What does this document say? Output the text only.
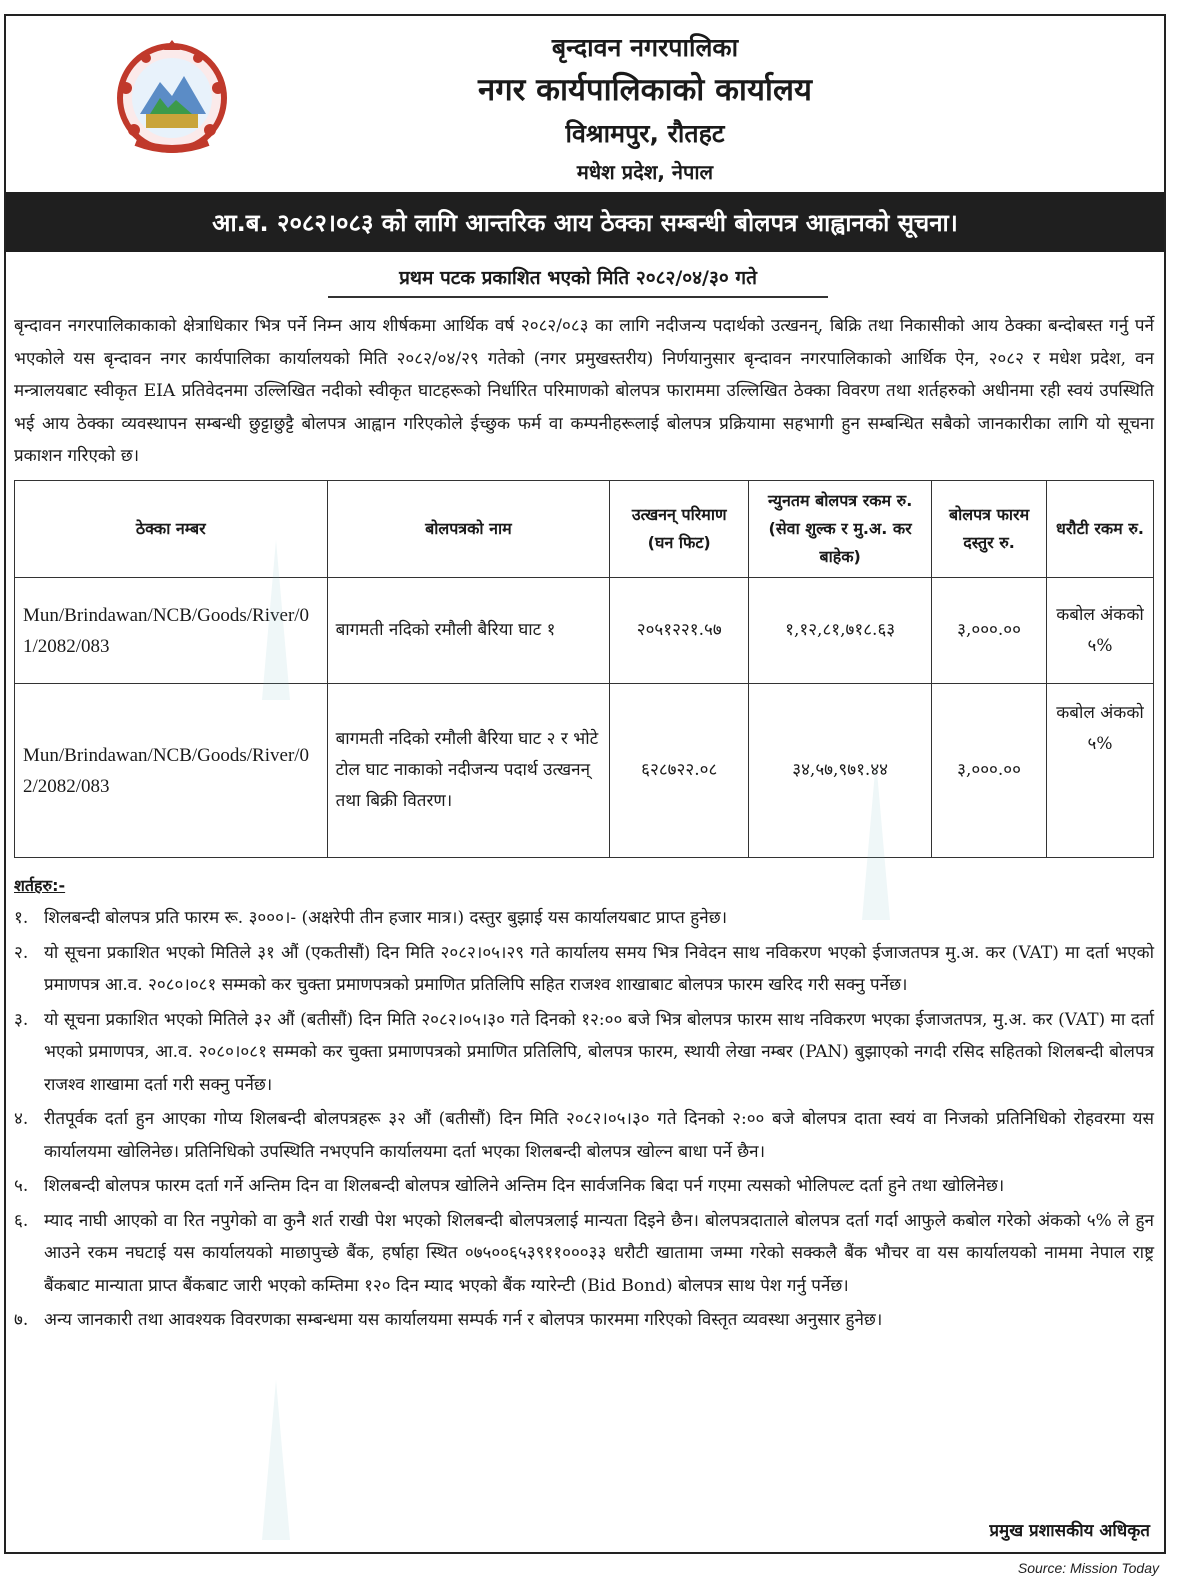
बृन्दावन नगरपालिका
नगर कार्यपालिकाको कार्यालय
विश्रामपुर, रौतहट
मधेश प्रदेश, नेपाल
आ.ब. २०८२।०८३ को लागि आन्तरिक आय ठेक्का सम्बन्धी बोलपत्र आह्वानको सूचना।
प्रथम पटक प्रकाशित भएको मिति २०८२/०४/३० गते
बृन्दावन नगरपालिकाकाको क्षेत्राधिकार भित्र पर्ने निम्न आय शीर्षकमा आर्थिक वर्ष २०८२/०८३ का लागि नदीजन्य पदार्थको उत्खनन्, बिक्रि तथा निकासीको आय ठेक्का बन्दोबस्त गर्नु पर्ने भएकोले यस बृन्दावन नगर कार्यपालिका कार्यालयको मिति २०८२/०४/२९ गतेको (नगर प्रमुखस्तरीय) निर्णयानुसार बृन्दावन नगरपालिकाको आर्थिक ऐन, २०८२ र मधेश प्रदेश, वन मन्त्रालयबाट स्वीकृत EIA प्रतिवेदनमा उल्लिखित नदीको स्वीकृत घाटहरूको निर्धारित परिमाणको बोलपत्र फाराममा उल्लिखित ठेक्का विवरण तथा शर्तहरुको अधीनमा रही स्वयं उपस्थिति भई आय ठेक्का व्यवस्थापन सम्बन्धी छुट्टाछुट्टै बोलपत्र आह्वान गरिएकोले ईच्छुक फर्म वा कम्पनीहरूलाई बोलपत्र प्रक्रियामा सहभागी हुन सम्बन्धित सबैको जानकारीका लागि यो सूचना प्रकाशन गरिएको छ।
ठेक्का नम्बर	बोलपत्रको नाम	उत्खनन् परिमाण (घन फिट)	न्युनतम बोलपत्र रकम रु. (सेवा शुल्क र मु.अ. कर बाहेक)	बोलपत्र फारम दस्तुर रु.	धरौटी रकम रु.
Mun/Brindawan/NCB/Goods/River/01/2082/083	बागमती नदिको रमौली बैरिया घाट १	२०५१२२१.५७	१,१२,८१,७१८.६३	३,०००.००	कबोल अंकको ५%
Mun/Brindawan/NCB/Goods/River/02/2082/083	बागमती नदिको रमौली बैरिया घाट २ र भोटे टोल घाट नाकाको नदीजन्य पदार्थ उत्खनन् तथा बिक्री वितरण।	६२८७२२.०८	३४,५७,९७१.४४	३,०००.००	कबोल अंकको ५%
शर्तहरु:-
१. शिलबन्दी बोलपत्र प्रति फारम रू. ३०००।- (अक्षरेपी तीन हजार मात्र।) दस्तुर बुझाई यस कार्यालयबाट प्राप्त हुनेछ।
२. यो सूचना प्रकाशित भएको मितिले ३१ औं (एकतीसौं) दिन मिति २०८२।०५।२९ गते कार्यालय समय भित्र निवेदन साथ नविकरण भएको ईजाजतपत्र मु.अ. कर (VAT) मा दर्ता भएको प्रमाणपत्र आ.व. २०८०।०८१ सम्मको कर चुक्ता प्रमाणपत्रको प्रमाणित प्रतिलिपि सहित राजश्व शाखाबाट बोलपत्र फारम खरिद गरी सक्नु पर्नेछ।
३. यो सूचना प्रकाशित भएको मितिले ३२ औं (बतीसौं) दिन मिति २०८२।०५।३० गते दिनको १२:०० बजे भित्र बोलपत्र फारम साथ नविकरण भएका ईजाजतपत्र, मु.अ. कर (VAT) मा दर्ता भएको प्रमाणपत्र, आ.व. २०८०।०८१ सम्मको कर चुक्ता प्रमाणपत्रको प्रमाणित प्रतिलिपि, बोलपत्र फारम, स्थायी लेखा नम्बर (PAN) बुझाएको नगदी रसिद सहितको शिलबन्दी बोलपत्र राजश्व शाखामा दर्ता गरी सक्नु पर्नेछ।
४. रीतपूर्वक दर्ता हुन आएका गोप्य शिलबन्दी बोलपत्रहरू ३२ औं (बतीसौं) दिन मिति २०८२।०५।३० गते दिनको २:०० बजे बोलपत्र दाता स्वयं वा निजको प्रतिनिधिको रोहवरमा यस कार्यालयमा खोलिनेछ। प्रतिनिधिको उपस्थिति नभएपनि कार्यालयमा दर्ता भएका शिलबन्दी बोलपत्र खोल्न बाधा पर्ने छैन।
५. शिलबन्दी बोलपत्र फारम दर्ता गर्ने अन्तिम दिन वा शिलबन्दी बोलपत्र खोलिने अन्तिम दिन सार्वजनिक बिदा पर्न गएमा त्यसको भोलिपल्ट दर्ता हुने तथा खोलिनेछ।
६. म्याद नाघी आएको वा रित नपुगेको वा कुनै शर्त राखी पेश भएको शिलबन्दी बोलपत्रलाई मान्यता दिइने छैन। बोलपत्रदाताले बोलपत्र दर्ता गर्दा आफुले कबोल गरेको अंकको ५% ले हुन आउने रकम नघटाई यस कार्यालयको माछापुच्छे बैंक, हर्षाहा स्थित ०७५००६५३९११०००३३ धरौटी खातामा जम्मा गरेको सक्कलै बैंक भौचर वा यस कार्यालयको नाममा नेपाल राष्ट्र बैंकबाट मान्याता प्राप्त बैंकबाट जारी भएको कम्तिमा १२० दिन म्याद भएको बैंक ग्यारेन्टी (Bid Bond) बोलपत्र साथ पेश गर्नु पर्नेछ।
७. अन्य जानकारी तथा आवश्यक विवरणका सम्बन्धमा यस कार्यालयमा सम्पर्क गर्न र बोलपत्र फारममा गरिएको विस्तृत व्यवस्था अनुसार हुनेछ।
प्रमुख प्रशासकीय अधिकृत
Source: Mission Today
